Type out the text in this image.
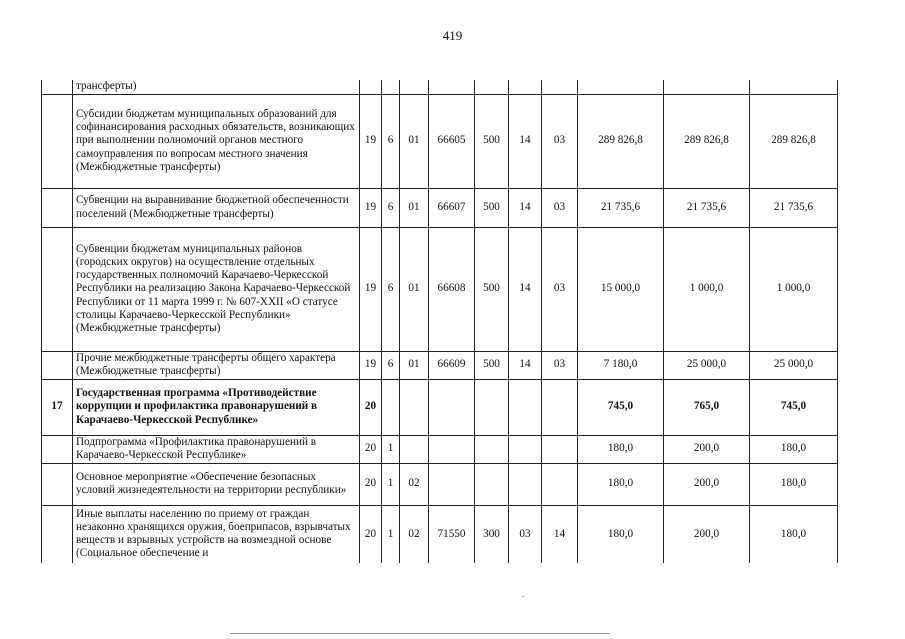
419
	трансферты)										
	Субсидии бюджетам муниципальных образований для софинансирования расходных обязательств, возникающих при выполнении полномочий органов местного самоуправления по вопросам местного значения (Межбюджетные трансферты)	19	6	01	66605	500	14	03	289 826,8	289 826,8	289 826,8
	Субвенции на выравнивание бюджетной обеспеченности поселений (Межбюджетные трансферты)	19	6	01	66607	500	14	03	21 735,6	21 735,6	21 735,6
	Субвенции бюджетам муниципальных районов (городских округов) на осуществление отдельных государственных полномочий Карачаево-Черкесской Республики на реализацию Закона Карачаево-Черкесской Республики от 11 марта 1999 г. № 607-XXII «О статусе столицы Карачаево-Черкесской Республики» (Межбюджетные трансферты)	19	6	01	66608	500	14	03	15 000,0	1 000,0	1 000,0
	Прочие межбюджетные трансферты общего характера (Межбюджетные трансферты)	19	6	01	66609	500	14	03	7 180,0	25 000,0	25 000,0
17	Государственная программа «Противодействие коррупции и профилактика правонарушений в Карачаево-Черкесской Республике»	20							745,0	765,0	745,0
	Подпрограмма «Профилактика правонарушений в Карачаево-Черкесской Республике»	20	1						180,0	200,0	180,0
	Основное мероприятие «Обеспечение безопасных условий жизнедеятельности на территории республики»	20	1	02					180,0	200,0	180,0
	Иные выплаты населению по приему от граждан незаконно хранящихся оружия, боеприпасов, взрывчатых веществ и взрывных устройств на возмездной основе (Социальное обеспечение и	20	1	02	71550	300	03	14	180,0	200,0	180,0
